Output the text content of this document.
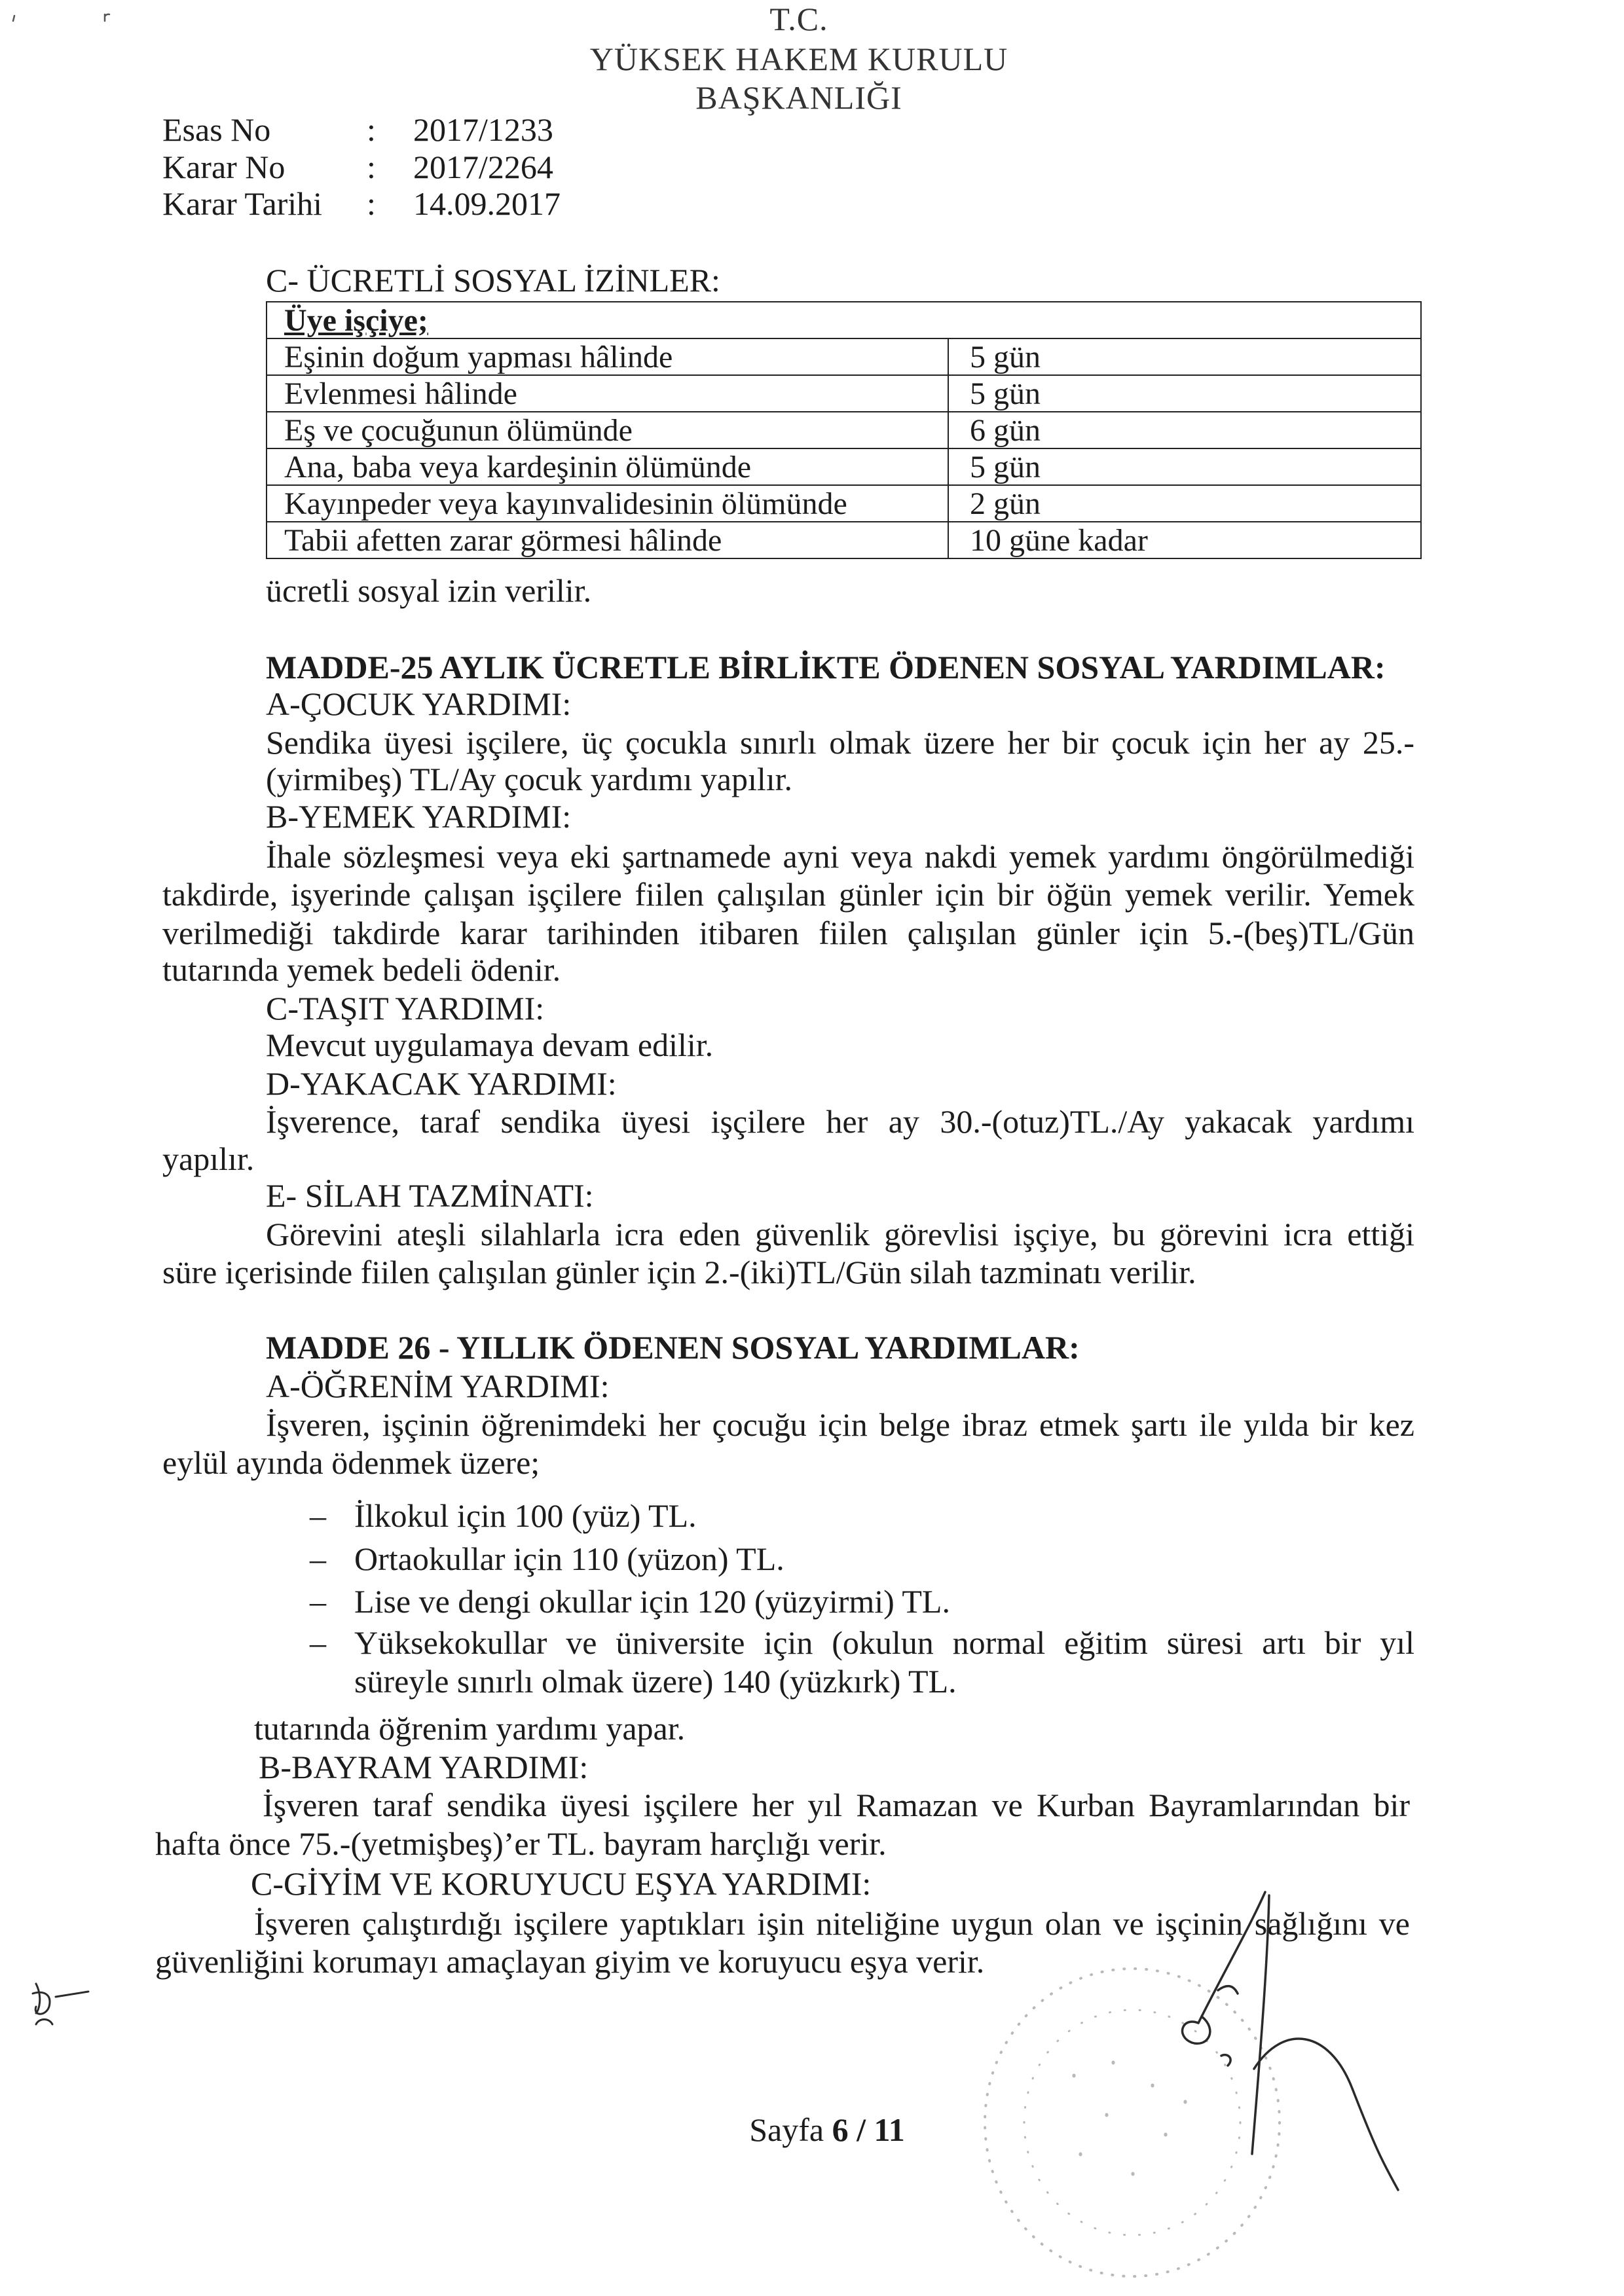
T.C.
YÜKSEK HAKEM KURULU
BAŞKANLIĞI
Esas No	: 2017/1233
Karar No : 2017/2264
Karar Tarihi : 14.09.2017
C- ÜCRETLİ SOSYAL İZİNLER:
Üye işçiye;	
Eşinin doğum yapması hâlinde	5 gün
Evlenmesi hâlinde	5 gün
Eş ve çocuğunun ölümünde	6 gün
Ana, baba veya kardeşinin ölümünde	5 gün
Kayınpeder veya kayınvalidesinin ölümünde	2 gün
Tabii afetten zarar görmesi hâlinde	10 güne kadar
ücretli sosyal izin verilir.
MADDE-25 AYLIK ÜCRETLE BİRLİKTE ÖDENEN SOSYAL YARDIMLAR:
A-ÇOCUK YARDIMI:
Sendika üyesi işçilere, üç çocukla sınırlı olmak üzere her bir çocuk için her ay 25.-
(yirmibeş) TL/Ay çocuk yardımı yapılır.
B-YEMEK YARDIMI:
İhale sözleşmesi veya eki şartnamede ayni veya nakdi yemek yardımı öngörülmediği
takdirde, işyerinde çalışan işçilere fiilen çalışılan günler için bir öğün yemek verilir. Yemek
verilmediği takdirde karar tarihinden itibaren fiilen çalışılan günler için 5.-(beş)TL/Gün
tutarında yemek bedeli ödenir.
C-TAŞIT YARDIMI:
Mevcut uygulamaya devam edilir.
D-YAKACAK YARDIMI:
İşverence, taraf sendika üyesi işçilere her ay 30.-(otuz)TL./Ay yakacak yardımı
yapılır.
E- SİLAH TAZMİNATI:
Görevini ateşli silahlarla icra eden güvenlik görevlisi işçiye, bu görevini icra ettiği
süre içerisinde fiilen çalışılan günler için 2.-(iki)TL/Gün silah tazminatı verilir.
MADDE 26 - YILLIK ÖDENEN SOSYAL YARDIMLAR:
A-ÖĞRENİM YARDIMI:
İşveren, işçinin öğrenimdeki her çocuğu için belge ibraz etmek şartı ile yılda bir kez
eylül ayında ödenmek üzere;
– İlkokul için 100 (yüz) TL.
– Ortaokullar için 110 (yüzon) TL.
– Lise ve dengi okullar için 120 (yüzyirmi) TL.
– Yüksekokullar ve üniversite için (okulun normal eğitim süresi artı bir yıl
süreyle sınırlı olmak üzere) 140 (yüzkırk) TL.
tutarında öğrenim yardımı yapar.
B-BAYRAM YARDIMI:
İşveren taraf sendika üyesi işçilere her yıl Ramazan ve Kurban Bayramlarından bir
hafta önce 75.-(yetmişbeş)’er TL. bayram harçlığı verir.
C-GİYİM VE KORUYUCU EŞYA YARDIMI:
İşveren çalıştırdığı işçilere yaptıkları işin niteliğine uygun olan ve işçinin sağlığını ve
güvenliğini korumayı amaçlayan giyim ve koruyucu eşya verir.
Sayfa 6 / 11
